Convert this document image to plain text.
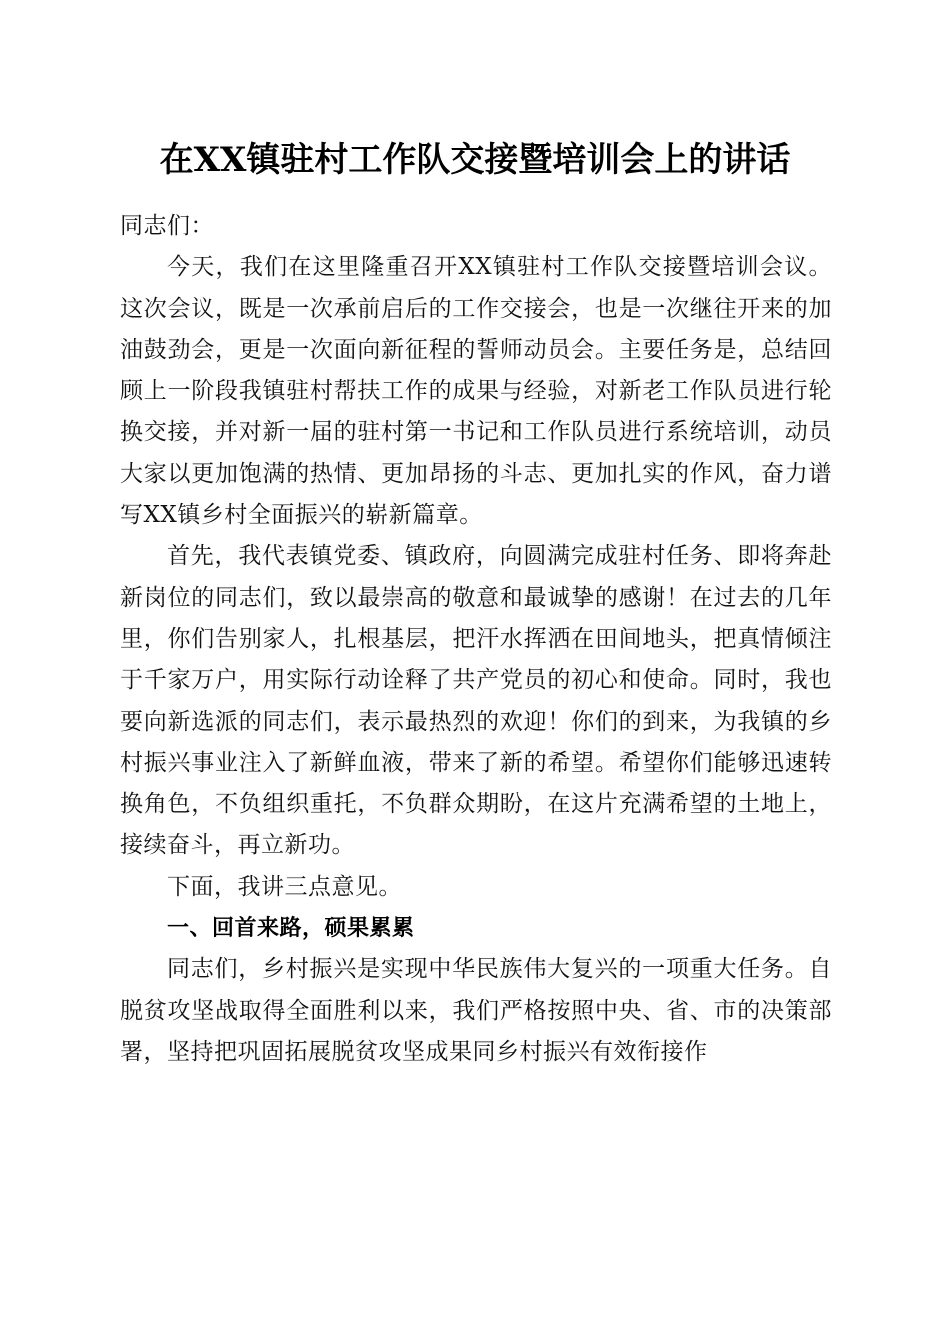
在XX镇驻村工作队交接暨培训会上的讲话

同志们：

今天，我们在这里隆重召开XX镇驻村工作队交接暨培训会议。这次会议，既是一次承前启后的工作交接会，也是一次继往开来的加油鼓劲会，更是一次面向新征程的誓师动员会。主要任务是，总结回顾上一阶段我镇驻村帮扶工作的成果与经验，对新老工作队员进行轮换交接，并对新一届的驻村第一书记和工作队员进行系统培训，动员大家以更加饱满的热情、更加昂扬的斗志、更加扎实的作风，奋力谱写XX镇乡村全面振兴的崭新篇章。

首先，我代表镇党委、镇政府，向圆满完成驻村任务、即将奔赴新岗位的同志们，致以最崇高的敬意和最诚挚的感谢！在过去的几年里，你们告别家人，扎根基层，把汗水挥洒在田间地头，把真情倾注于千家万户，用实际行动诠释了共产党员的初心和使命。同时，我也要向新选派的同志们，表示最热烈的欢迎！你们的到来，为我镇的乡村振兴事业注入了新鲜血液，带来了新的希望。希望你们能够迅速转换角色，不负组织重托，不负群众期盼，在这片充满希望的土地上，接续奋斗，再立新功。

下面，我讲三点意见。

一、回首来路，硕果累累

同志们，乡村振兴是实现中华民族伟大复兴的一项重大任务。自脱贫攻坚战取得全面胜利以来，我们严格按照中央、省、市的决策部署，坚持把巩固拓展脱贫攻坚成果同乡村振兴有效衔接作
